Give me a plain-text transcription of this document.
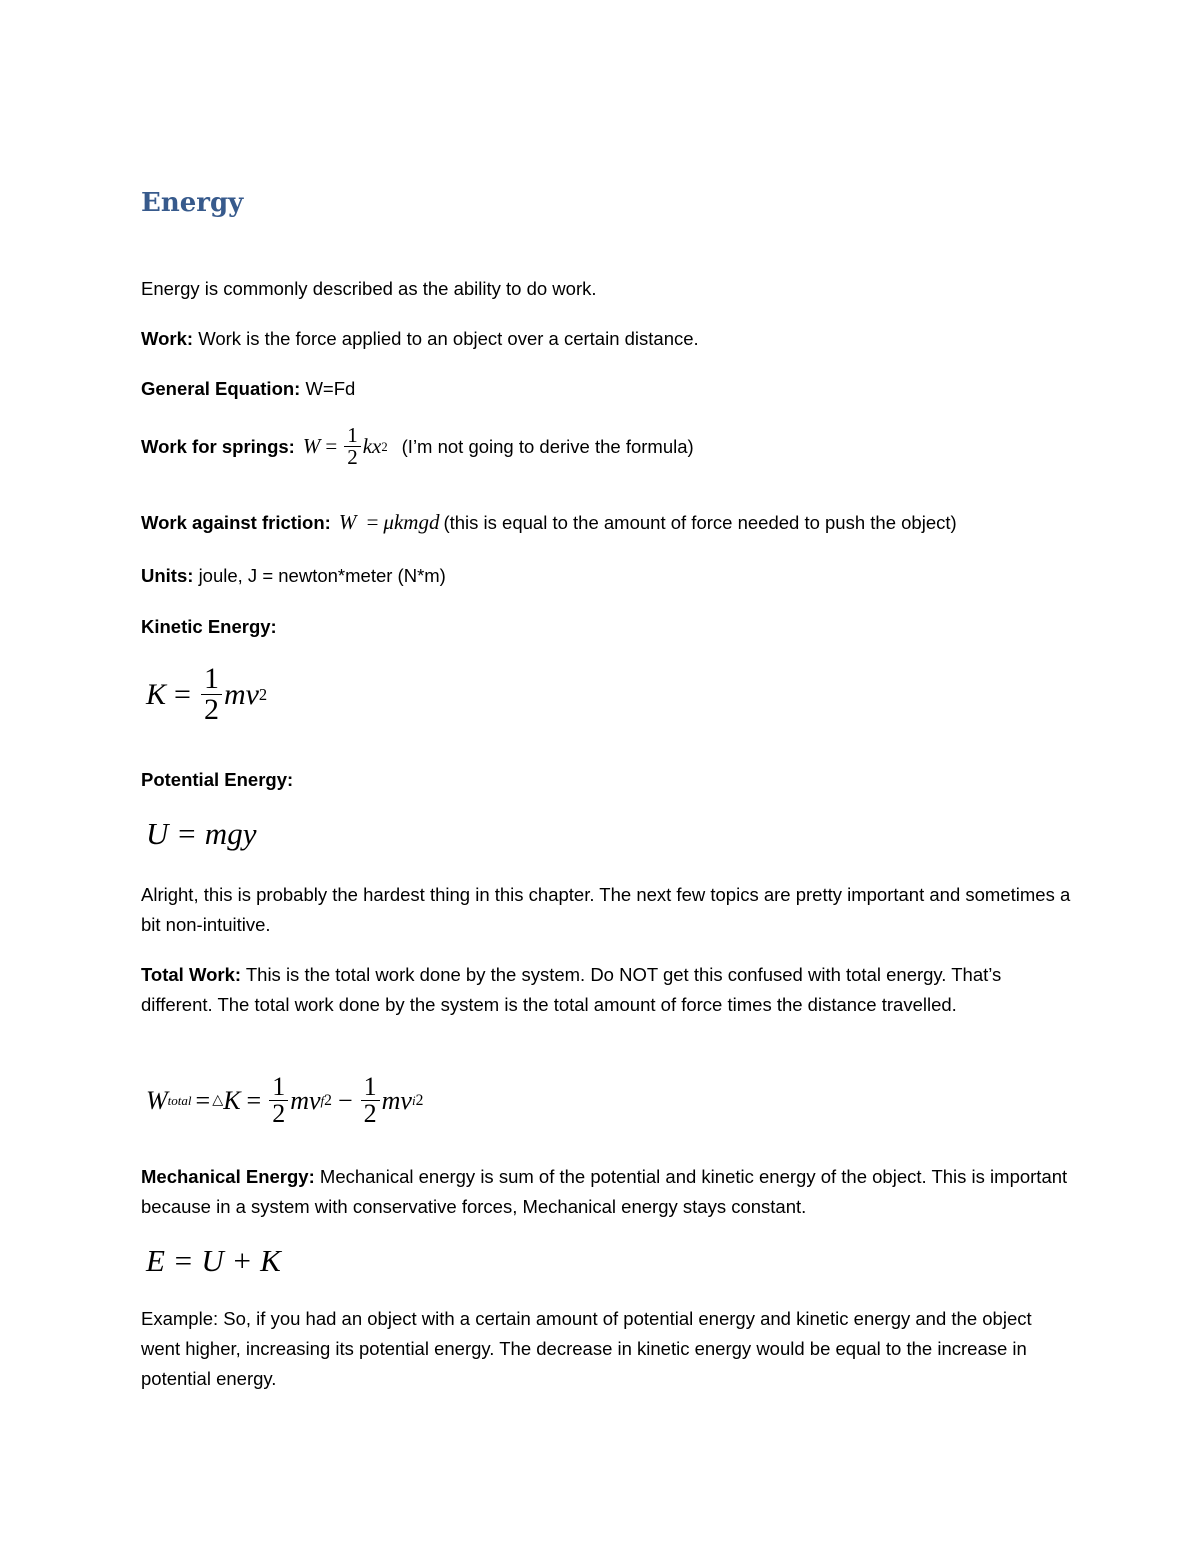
Energy

Energy is commonly described as the ability to do work.

Work: Work is the force applied to an object over a certain distance.

General Equation: W=Fd

Work for springs: $W = \frac{1}{2}$ kx 2 (I’m not going to derive the formula)
Work against friction: W = μkmgd (this is equal to the amount of force needed to push the object)

Units: joule, J = newton*meter (N*m)

Kinetic Energy:

$K = \frac{1}{2}$ mv 2

Potential Energy:

U = mgy

Alright, this is probably the hardest thing in this chapter. The next few topics are pretty important and sometimes a bit non-intuitive.

Total Work: This is the total work done by the system. Do NOT get this confused with total energy. That’s different. The total work done by the system is the total amount of force times the distance travelled.

W total = △ $K = \frac{1}{2}$ mv f $2 - \frac{1}{2}$ mv i 2

Mechanical Energy: Mechanical energy is sum of the potential and kinetic energy of the object. This is important because in a system with conservative forces, Mechanical energy stays constant.

E = U + K

Example: So, if you had an object with a certain amount of potential energy and kinetic energy and the object went higher, increasing its potential energy. The decrease in kinetic energy would be equal to the increase in potential energy.
